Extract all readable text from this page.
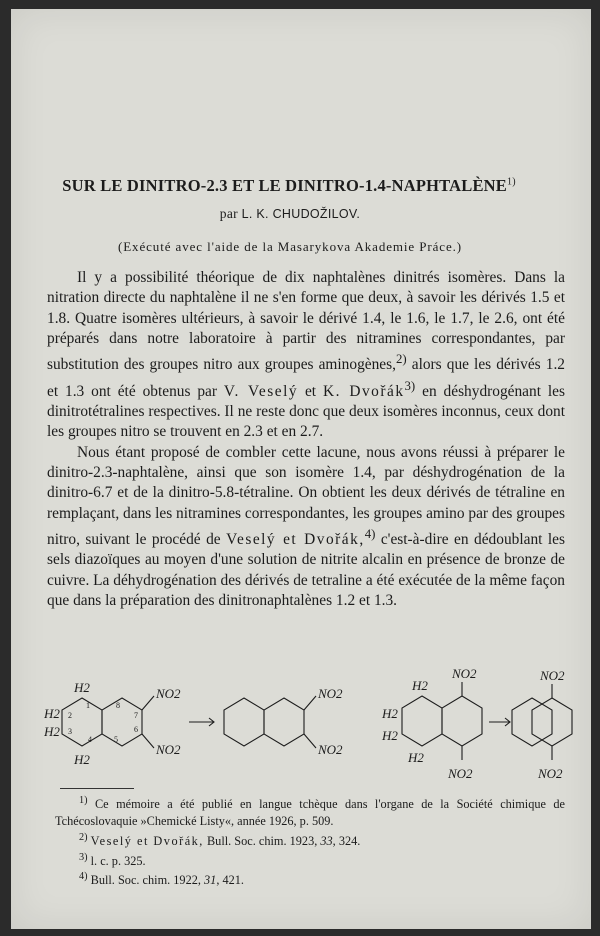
SUR LE DINITRO-2.3 ET LE DINITRO-1.4-NAPHTALÈNE$^{1)}$
par L. K. CHUDOŽILOV.
(Exécuté avec l'aide de la Masarykova Akademie Práce.)

Il y a possibilité théorique de dix naphtalènes dinitrés isomères. Dans la nitration directe du naphtalène il ne s'en forme que deux, à savoir les dérivés 1.5 et 1.8. Quatre isomères ultérieurs, à savoir le dérivé 1.4, le 1.6, le 1.7, le 2.6, ont été préparés dans notre laboratoire à partir des nitramines correspondantes, par substitution des groupes nitro aux groupes aminogènes,$^{2)}$ alors que les dérivés 1.2 et 1.3 ont été obtenus par V. Veselý et K. Dvořák$^{3)}$ en déshydrogénant les dinitrotétralines respectives. Il ne reste donc que deux isomères inconnus, ceux dont les groupes nitro se trouvent en 2.3 et en 2.7.

Nous étant proposé de combler cette lacune, nous avons réussi à préparer le dinitro-2.3-naphtalène, ainsi que son isomère 1.4, par déshydrogénation de la dinitro-6.7 et de la dinitro-5.8-tétraline. On obtient les deux dérivés de tétraline en remplaçant, dans les nitramines correspondantes, les groupes amino par des groupes nitro, suivant le procédé de Veselý et Dvořák,$^{4)}$ c'est-à-dire en dédoublant les sels diazoïques au moyen d'une solution de nitrite alcalin en présence de bronze de cuivre. La déhydrogénation des dérivés de tetraline a été exécutée de la même façon que dans la préparation des dinitronaphtalènes 1.2 et 1.3.

H2
H2
H2
H2
NO2
NO2
1
2
3
4	5
6
7
8
NO2
NO2
H2
H2
H2
H2
NO2
NO2
NO2
NO2

$^{1)}$ Ce mémoire a été publié en langue tchèque dans l'organe de la Société chimique de Tchécoslovaquie »Chemické Listy«, année 1926, p. 509.

$^{2)}$ Veselý et Dvořák, Bull. Soc. chim. 1923, 33, 324.

$^{3)}$ l. c. p. 325.

$^{4)}$ Bull. Soc. chim. 1922, 31, 421.
